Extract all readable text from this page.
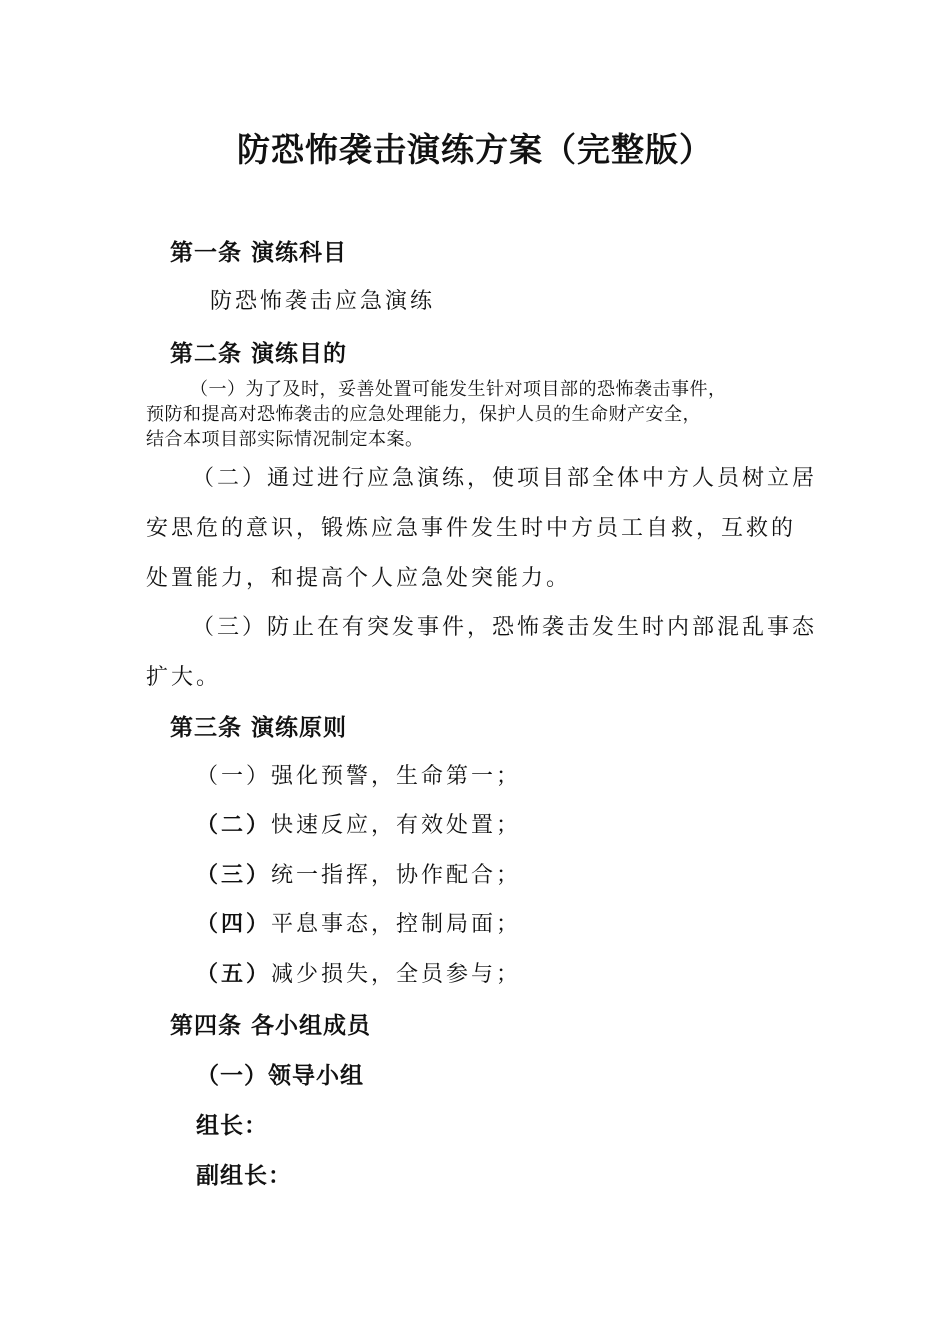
防恐怖袭击演练方案（完整版）
第一条 演练科目
防恐怖袭击应急演练
第二条 演练目的
（一）为了及时，妥善处置可能发生针对项目部的恐怖袭击事件，
预防和提高对恐怖袭击的应急处理能力，保护人员的生命财产安全，
结合本项目部实际情况制定本案。
（二）通过进行应急演练，使项目部全体中方人员树立居
安思危的意识，锻炼应急事件发生时中方员工自救，互救的
处置能力，和提高个人应急处突能力。
（三）防止在有突发事件，恐怖袭击发生时内部混乱事态
扩大。
第三条 演练原则
（一）强化预警，生命第一；
（二）快速反应，有效处置；
（三）统一指挥，协作配合；
（四）平息事态，控制局面；
（五）减少损失，全员参与；
第四条 各小组成员
（一）领导小组
组长：
副组长：
